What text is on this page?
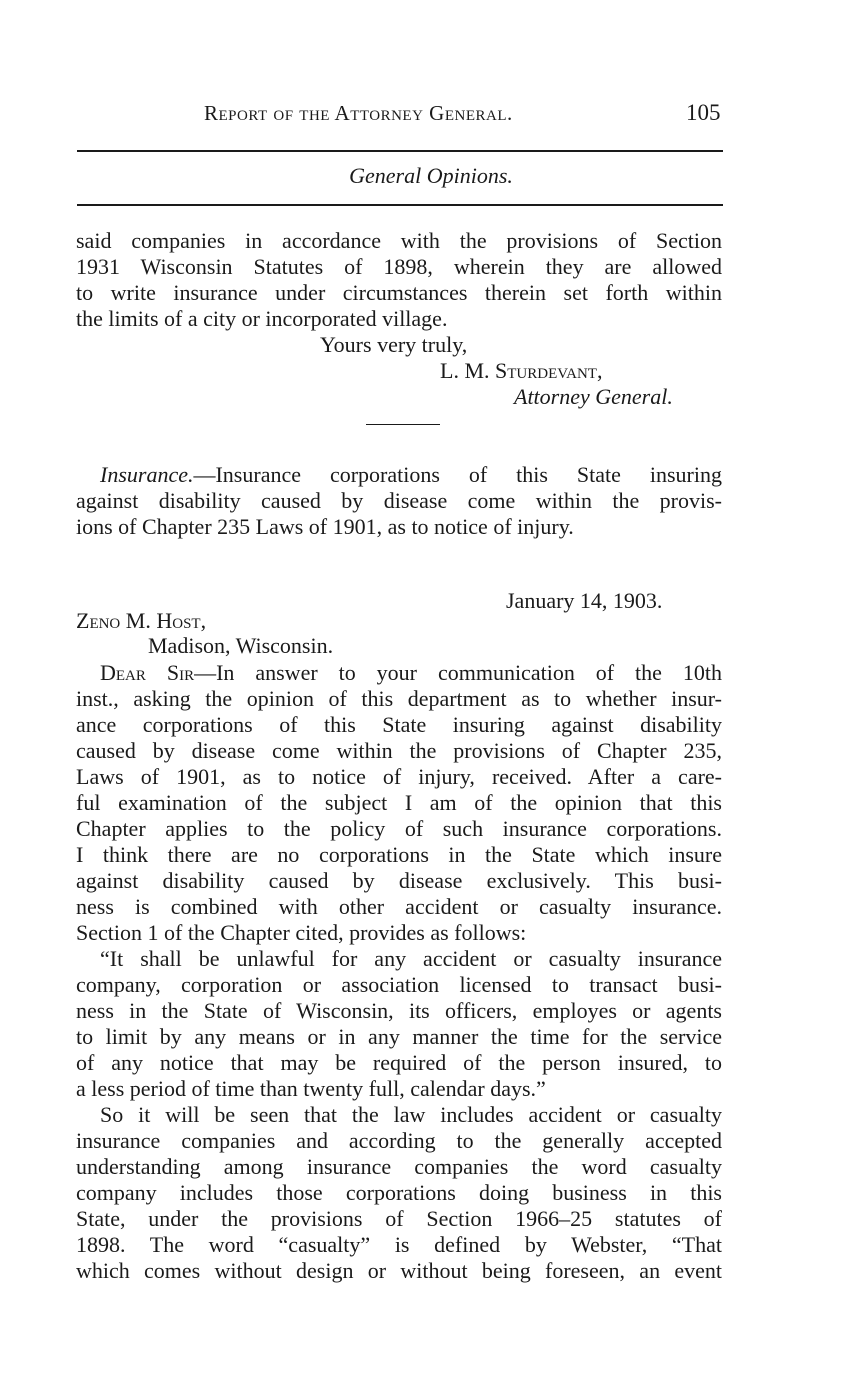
Report of the Attorney General.	105
General Opinions.
said companies in accordance with the provisions of Section
1931 Wisconsin Statutes of 1898, wherein they are allowed
to write insurance under circumstances therein set forth within
the limits of a city or incorporated village.
Yours very truly,
L. M. Sturdevant,
Attorney General.
Insurance.—Insurance corporations of this State insuring
against disability caused by disease come within the provis-
ions of Chapter 235 Laws of 1901, as to notice of injury.
January 14, 1903.
Zeno M. Host,
Madison, Wisconsin.
Dear Sir—In answer to your communication of the 10th
inst., asking the opinion of this department as to whether insur-
ance corporations of this State insuring against disability
caused by disease come within the provisions of Chapter 235,
Laws of 1901, as to notice of injury, received. After a care-
ful examination of the subject I am of the opinion that this
Chapter applies to the policy of such insurance corporations.
I think there are no corporations in the State which insure
against disability caused by disease exclusively. This busi-
ness is combined with other accident or casualty insurance.
Section 1 of the Chapter cited, provides as follows:
“It shall be unlawful for any accident or casualty insurance
company, corporation or association licensed to transact busi-
ness in the State of Wisconsin, its officers, employes or agents
to limit by any means or in any manner the time for the service
of any notice that may be required of the person insured, to
a less period of time than twenty full, calendar days.”
So it will be seen that the law includes accident or casualty
insurance companies and according to the generally accepted
understanding among insurance companies the word casualty
company includes those corporations doing business in this
State, under the provisions of Section 1966–25 statutes of
1898. The word “casualty” is defined by Webster, “That
which comes without design or without being foreseen, an event
